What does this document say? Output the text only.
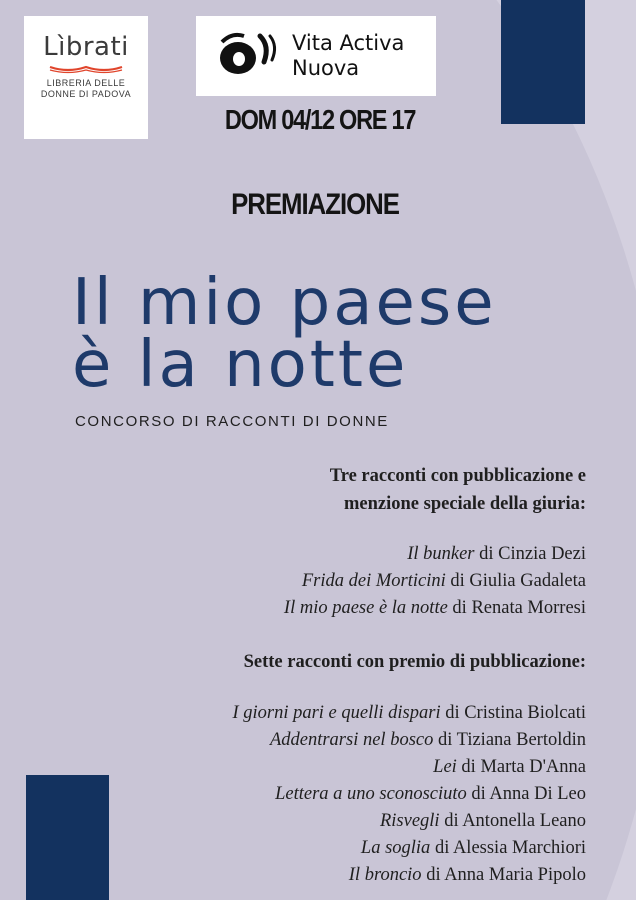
Lìbrati
LIBRERIA DELLE DONNE DI PADOVA
Vita Activa
Nuova
DOM 04/12 ORE 17
PREMIAZIONE
Il mio paese
è la notte
CONCORSO DI RACCONTI DI DONNE
Tre racconti con pubblicazione e
menzione speciale della giuria:
Il bunker di Cinzia Dezi
Frida dei Morticini di Giulia Gadaleta
Il mio paese è la notte di Renata Morresi
Sette racconti con premio di pubblicazione:
I giorni pari e quelli dispari di Cristina Biolcati
Addentrarsi nel bosco di Tiziana Bertoldin
Lei di Marta D'Anna
Lettera a uno sconosciuto di Anna Di Leo
Risvegli di Antonella Leano
La soglia di Alessia Marchiori
Il broncio di Anna Maria Pipolo
